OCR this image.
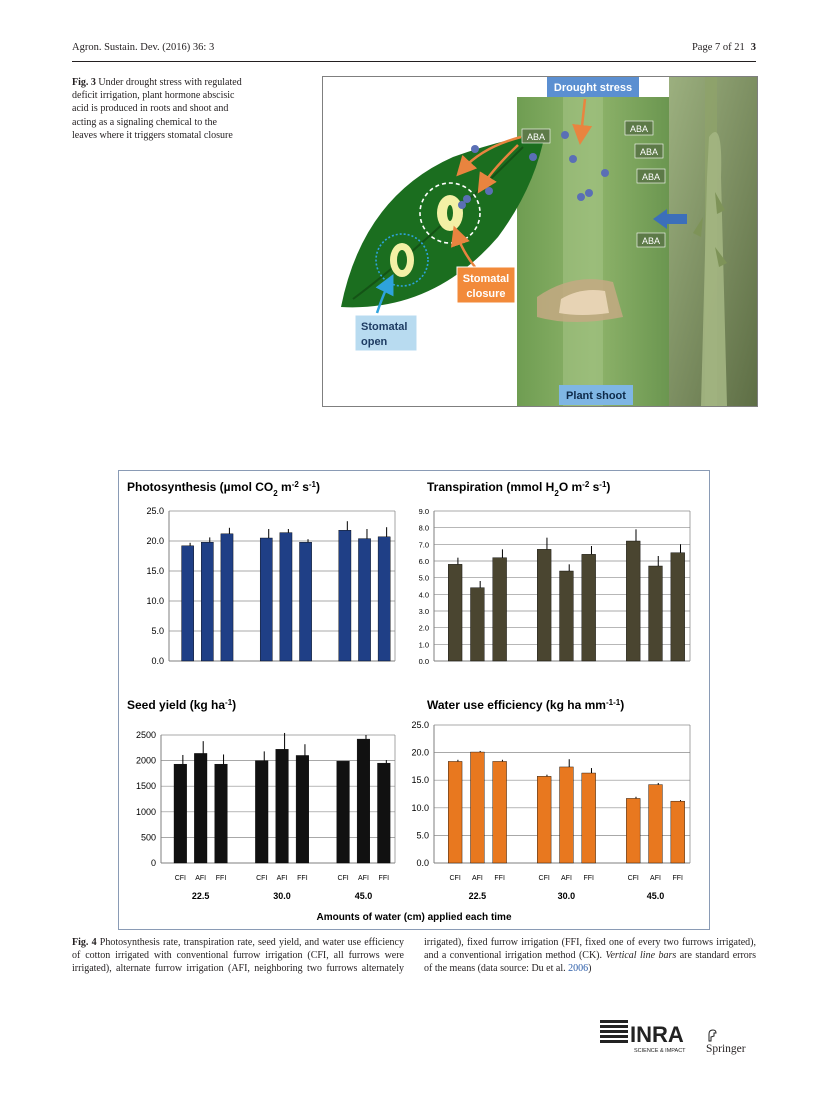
Agron. Sustain. Dev. (2016) 36: 3	Page 7 of 21 3
Fig. 3 Under drought stress with regulated deficit irrigation, plant hormone abscisic acid is produced in roots and shoot and acting as a signaling chemical to the leaves where it triggers stomatal closure
Drought stress
ABA
ABA
ABA
ABA
ABA
Stomatal
closure
Stomatal
open
Plant shoot
Photosynthesis (µmol $CO_2$ $m^{-2}$ $s^{-1}$)
0.0
5.0
10.0
15.0
20.0
25.0
Transpiration (mmol $H_2O$ $m^{-2}$ $s^{-1}$)
0.0
1.0
2.0
3.0
4.0
5.0
6.0
7.0
8.0
9.0
Seed yield (kg $ha^{-1}$)
0
500
1000
1500
2000
2500
CFI AFI FFI	CFI AFI FFI	CFI AFI FFI
22.5	30.0	45.0
Water use efficiency (kg ha $mm^{-1-1}$)
0.0
5.0
10.0
15.0
20.0
25.0
CFI AFI FFI	CFI AFI FFI	CFI AFI FFI
22.5	30.0	45.0
Amounts of water (cm) applied each time
Fig. 4 Photosynthesis rate, transpiration rate, seed yield, and water use efficiency of cotton irrigated with conventional furrow irrigation (CFI, all furrows were irrigated), alternate furrow irrigation (AFI, neighboring two furrows alternately irrigated), fixed furrow irrigation (FFI, fixed one of every two furrows irrigated), and a conventional irrigation method (CK). Vertical line bars are standard errors of the means (data source: Du et al. 2006)
INRA
SCIENCE & IMPACT Springer
